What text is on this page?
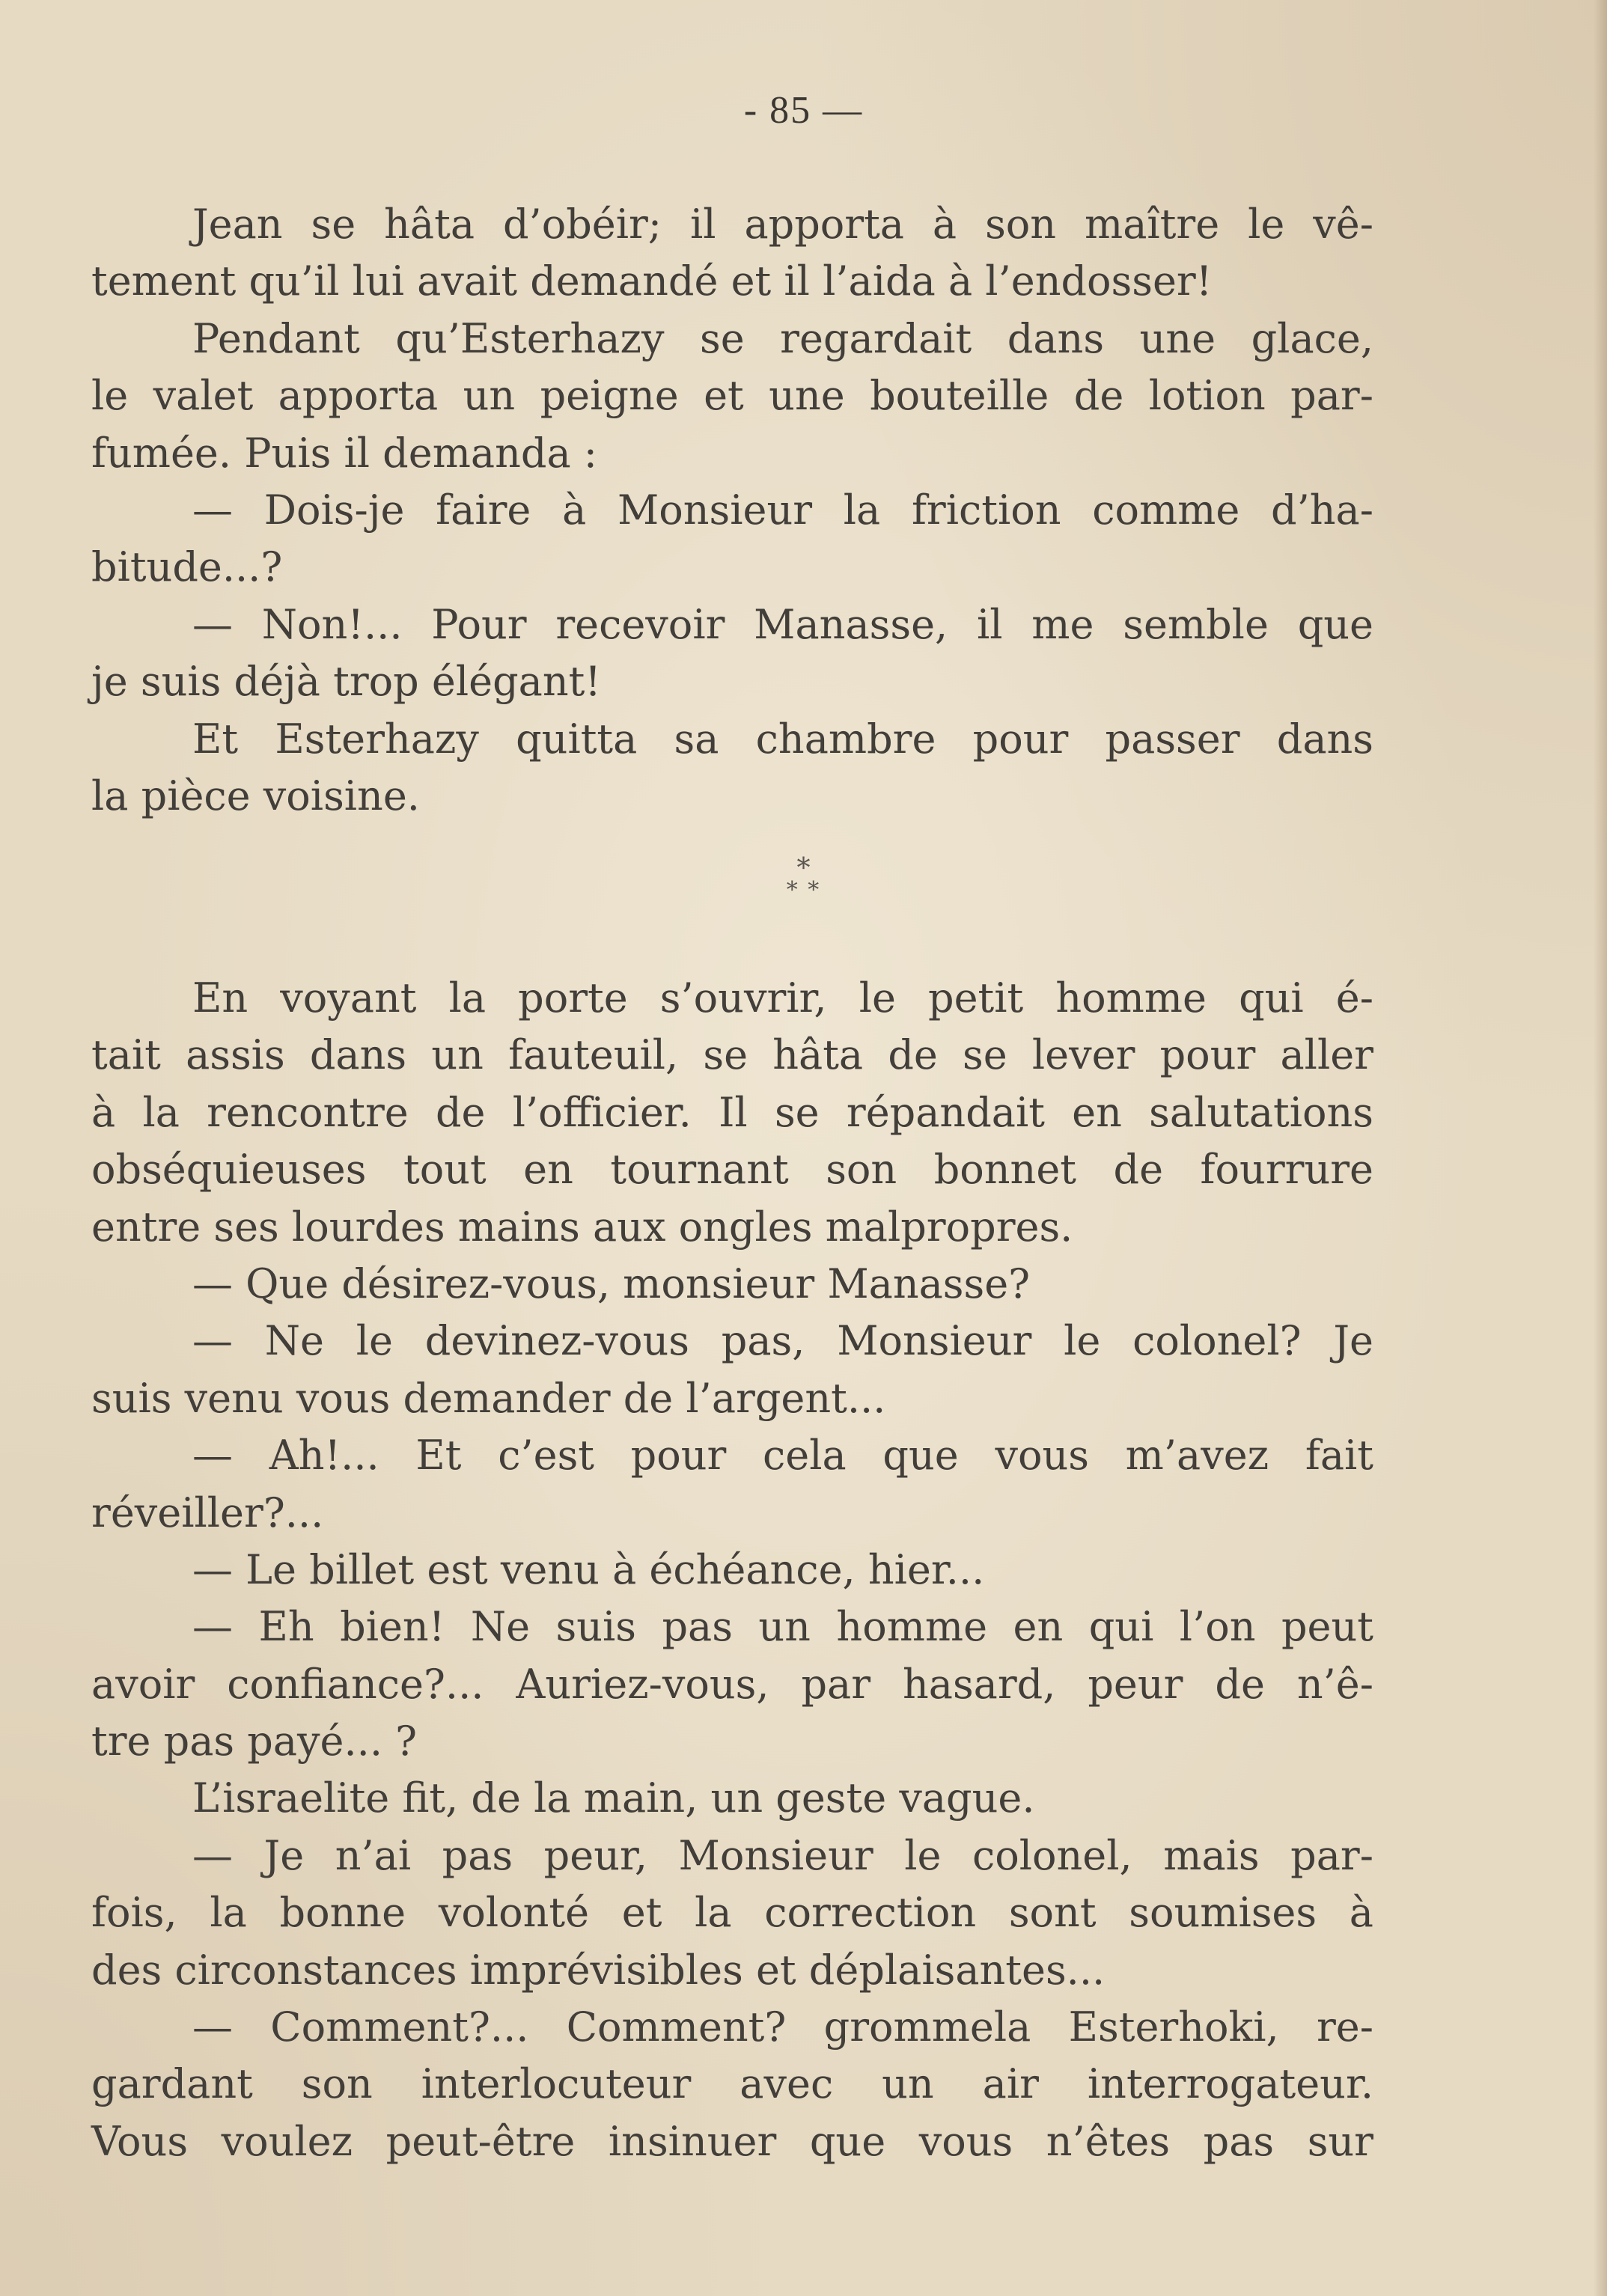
- 85 —
Jean se hâta d’obéir; il apporta à son maître le vê-
tement qu’il lui avait demandé et il l’aida à l’endosser!
Pendant qu’Esterhazy se regardait dans une glace,
le valet apporta un peigne et une bouteille de lotion par-
fumée. Puis il demanda :
— Dois-je faire à Monsieur la friction comme d’ha-
bitude...?
— Non!... Pour recevoir Manasse, il me semble que
je suis déjà trop élégant!
Et Esterhazy quitta sa chambre pour passer dans
la pièce voisine.
*
* *
En voyant la porte s’ouvrir, le petit homme qui é-
tait assis dans un fauteuil, se hâta de se lever pour aller
à la rencontre de l’officier. Il se répandait en salutations
obséquieuses tout en tournant son bonnet de fourrure
entre ses lourdes mains aux ongles malpropres.
— Que désirez-vous, monsieur Manasse?
— Ne le devinez-vous pas, Monsieur le colonel? Je
suis venu vous demander de l’argent...
— Ah!... Et c’est pour cela que vous m’avez fait
réveiller?...
— Le billet est venu à échéance, hier...
— Eh bien! Ne suis pas un homme en qui l’on peut
avoir confiance?... Auriez-vous, par hasard, peur de n’ê-
tre pas payé... ?
L’israelite fit, de la main, un geste vague.
— Je n’ai pas peur, Monsieur le colonel, mais par-
fois, la bonne volonté et la correction sont soumises à
des circonstances imprévisibles et déplaisantes...
— Comment?... Comment? grommela Esterhoki, re-
gardant son interlocuteur avec un air interrogateur.
Vous voulez peut-être insinuer que vous n’êtes pas sur
